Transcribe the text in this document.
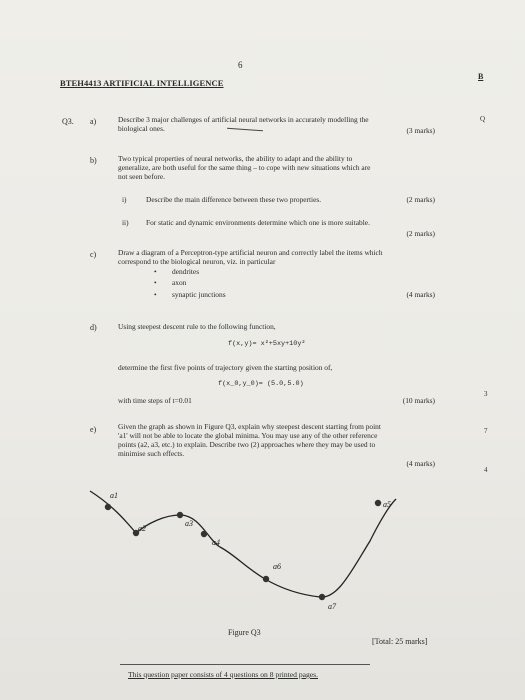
6
BTEH4413 ARTIFICIAL INTELLIGENCE
B
Q
3
7
4
Q3. a)	Describe 3 major challenges of artificial neural networks in accurately modelling the
biological ones.	(3 marks)
b)	Two typical properties of neural networks, the ability to adapt and the ability to
generalize, are both useful for the same thing – to cope with new situations which are
not seen before.
i)	Describe the main difference between these two properties.	(2 marks)
ii) For static and dynamic environments determine which one is more suitable.
(2 marks)
c)	Draw a diagram of a Perceptron-type artificial neuron and correctly label the items which
correspond to the biological neuron, viz. in particular
• dendrites
• axon
• synaptic junctions	(4 marks)
d)	Using steepest descent rule to the following function,
f(x,y)= x²+5xy+10y²
determine the first five points of trajectory given the starting position of,
f(x_0,y_0)= (5.0,5.0)
with time steps of t=0.01	(10 marks)
e)	Given the graph as shown in Figure Q3, explain why steepest descent starting from point
'a1' will not be able to locate the global minima. You may use any of the other reference
points (a2, a3, etc.) to explain. Describe two (2) approaches where they may be used to
minimise such effects.
(4 marks)
a1
a2
a3
a4
a5
a6
a7
Figure Q3
[Total: 25 marks]
This question paper consists of 4 questions on 8 printed pages.
